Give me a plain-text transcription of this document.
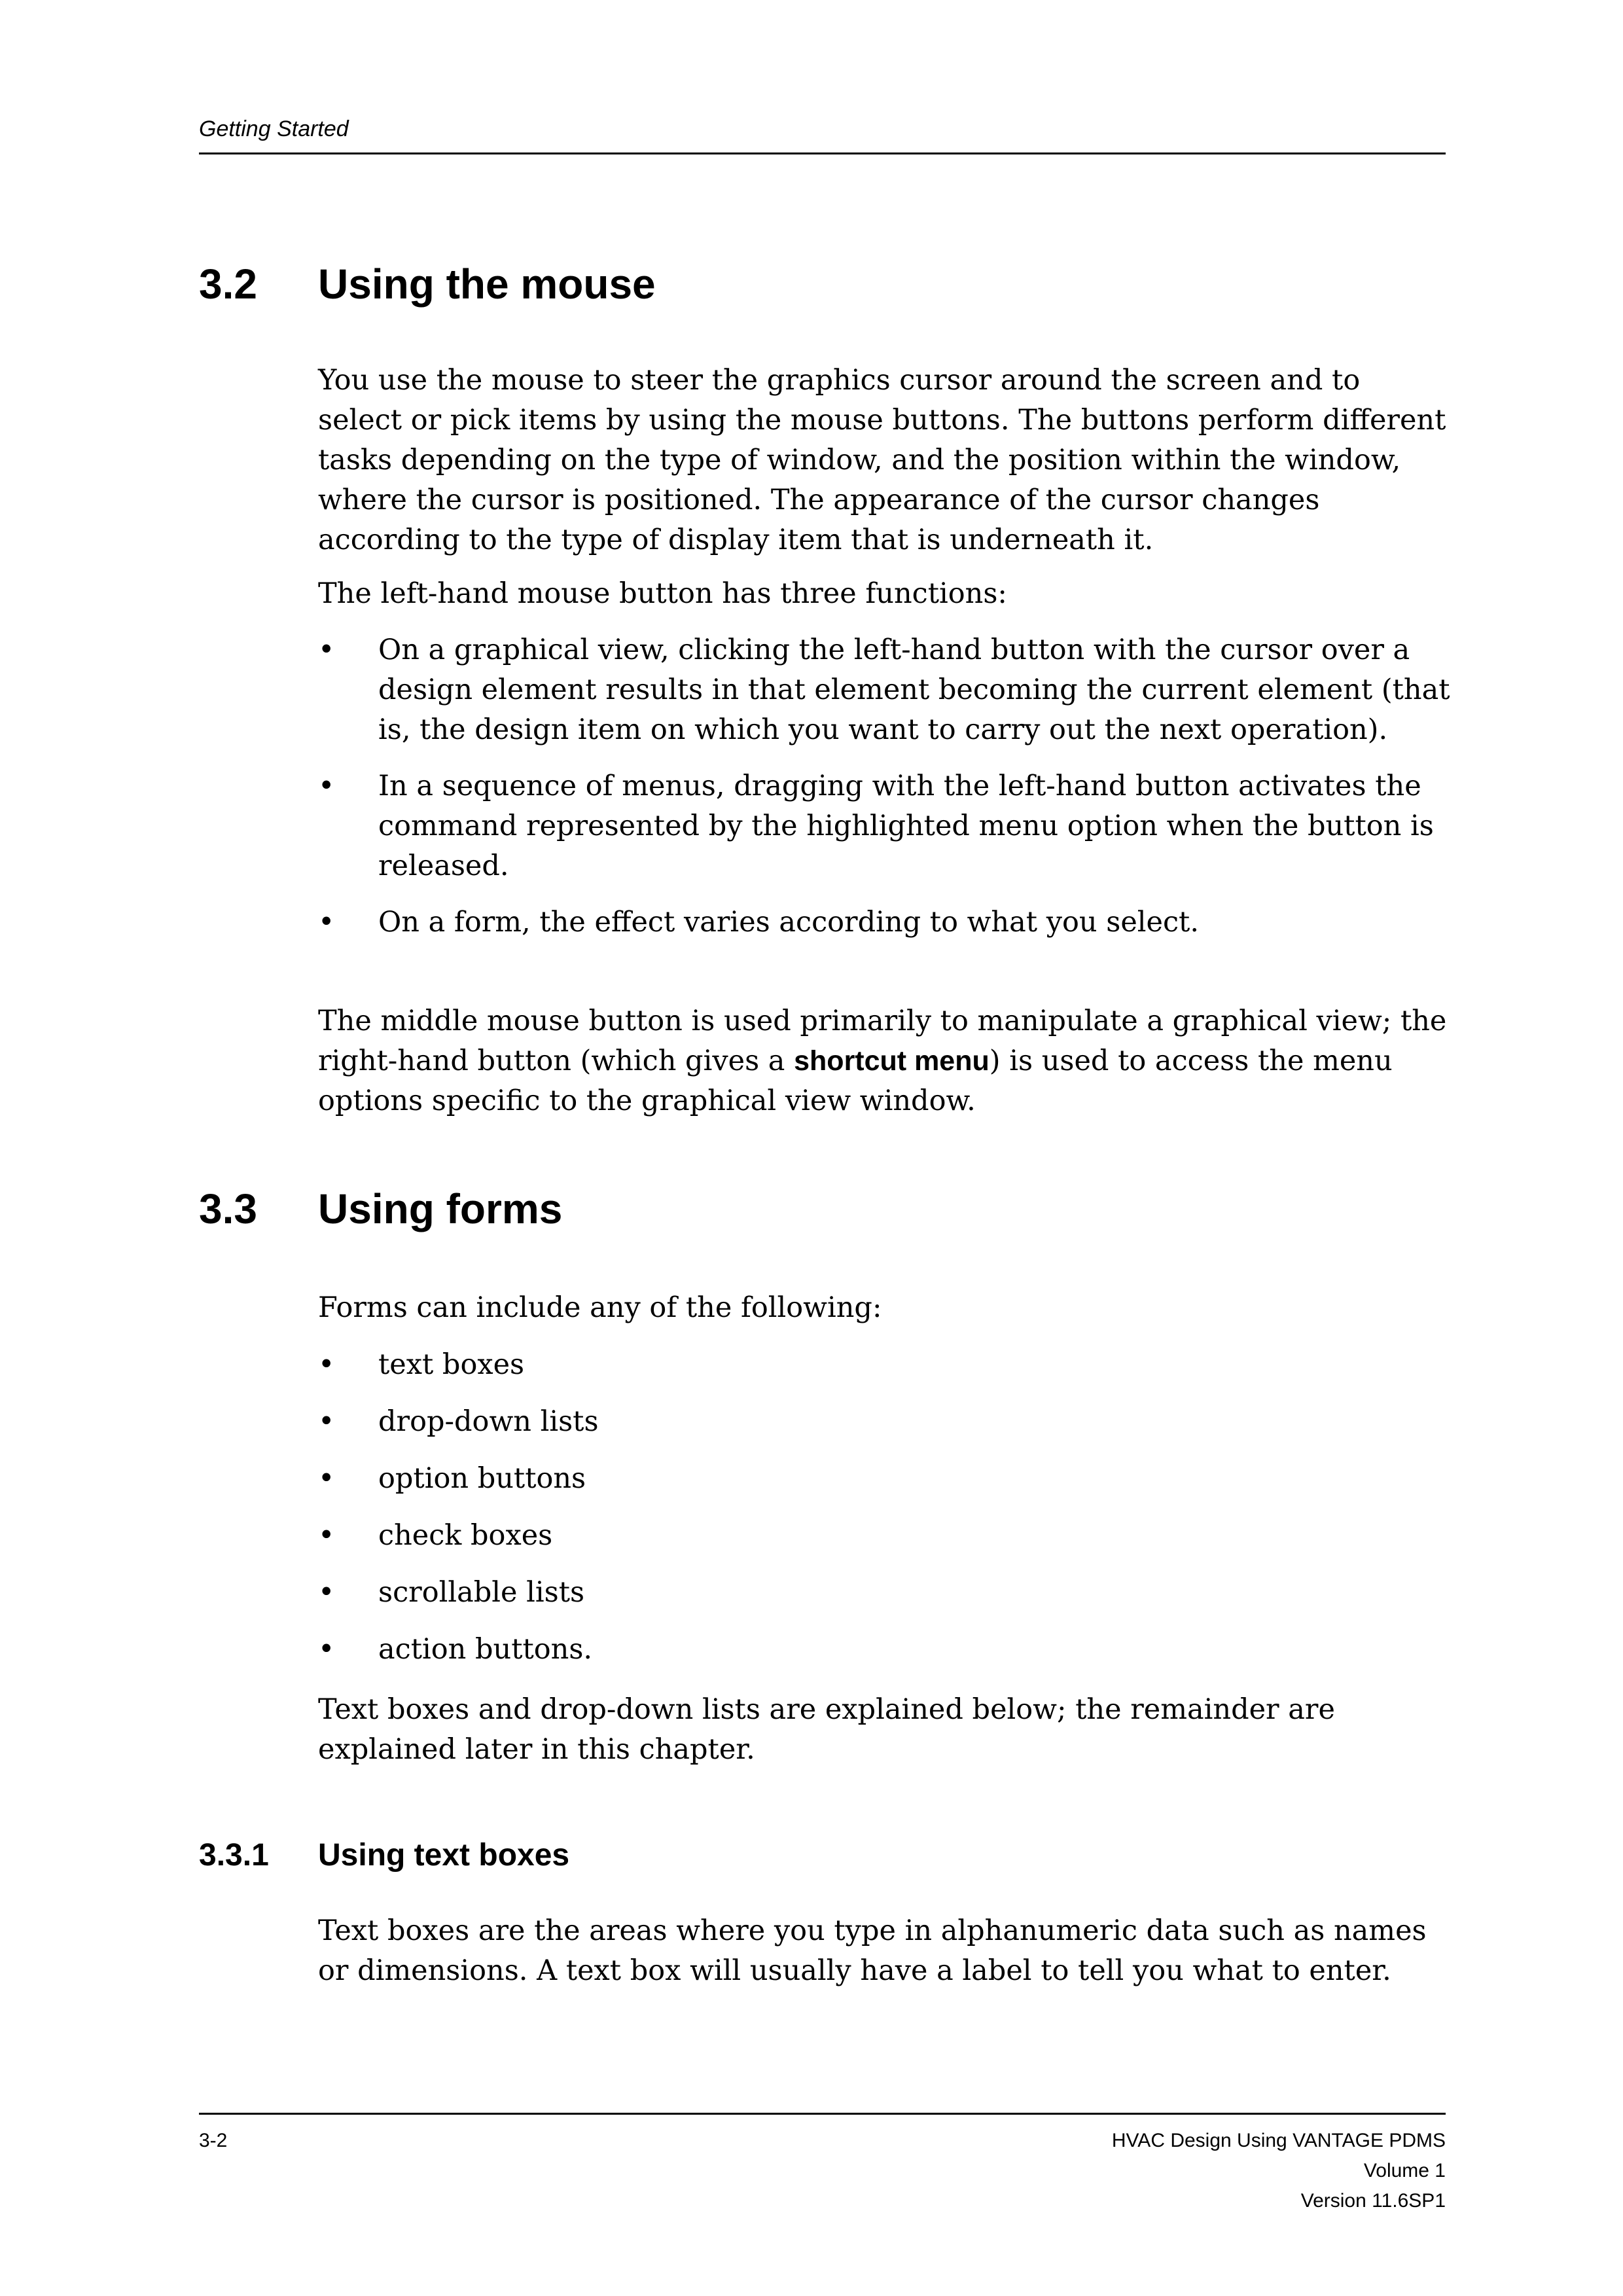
Getting Started
3.2 Using the mouse

You use the mouse to steer the graphics cursor around the screen and to select or pick items by using the mouse buttons. The buttons perform different tasks depending on the type of window, and the position within the window, where the cursor is positioned. The appearance of the cursor changes according to the type of display item that is underneath it.

The left-hand mouse button has three functions:

•	On a graphical view, clicking the left-hand button with the cursor over a design element results in that element becoming the current element (that is, the design item on which you want to carry out the next operation).
•	In a sequence of menus, dragging with the left-hand button activates the command represented by the highlighted menu option when the button is released.
•	On a form, the effect varies according to what you select.

The middle mouse button is used primarily to manipulate a graphical view; the right-hand button (which gives a shortcut menu) is used to access the menu options specific to the graphical view window.

3.3 Using forms

Forms can include any of the following:

•	text boxes
•	drop-down lists
•	option buttons
•	check boxes
•	scrollable lists
•	action buttons.

Text boxes and drop-down lists are explained below; the remainder are explained later in this chapter.

3.3.1 Using text boxes

Text boxes are the areas where you type in alphanumeric data such as names or dimensions. A text box will usually have a label to tell you what to enter.

3-2	HVAC Design Using VANTAGE PDMS
Volume 1
Version 11.6SP1
